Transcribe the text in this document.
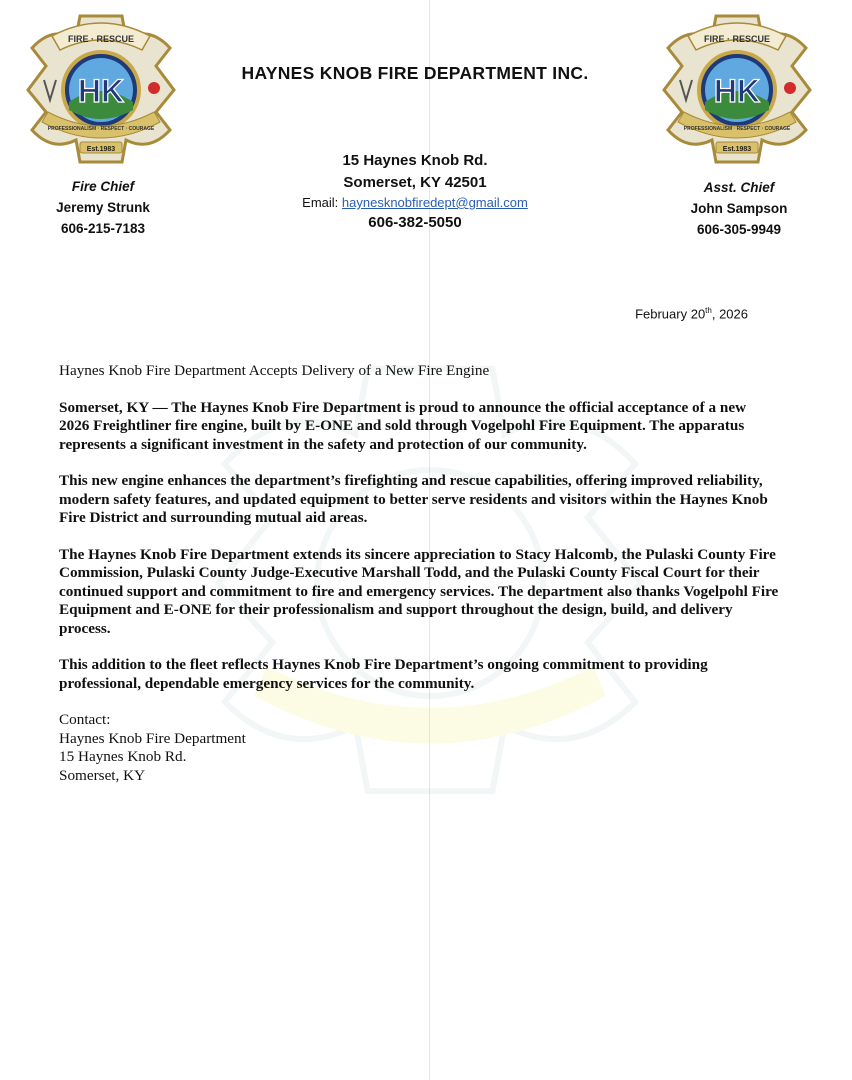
FIRE · RESCUE
HK
PROFESSIONALISM · RESPECT · COURAGE
Est.1983
FIRE · RESCUE
HK
PROFESSIONALISM · RESPECT · COURAGE
Est.1983
HAYNES KNOB FIRE DEPARTMENT INC.
15 Haynes Knob Rd.
Somerset, KY 42501
Email: haynesknobfiredept@gmail.com
606-382-5050
Fire Chief
Jeremy Strunk
606-215-7183
Asst. Chief
John Sampson
606-305-9949
February 20th, 2026

Haynes Knob Fire Department Accepts Delivery of a New Fire Engine

Somerset, KY — The Haynes Knob Fire Department is proud to announce the official acceptance of a new 2026 Freightliner fire engine, built by E-ONE and sold through Vogelpohl Fire Equipment. The apparatus represents a significant investment in the safety and protection of our community.

This new engine enhances the department’s firefighting and rescue capabilities, offering improved reliability, modern safety features, and updated equipment to better serve residents and visitors within the Haynes Knob Fire District and surrounding mutual aid areas.

The Haynes Knob Fire Department extends its sincere appreciation to Stacy Halcomb, the Pulaski County Fire Commission, Pulaski County Judge-Executive Marshall Todd, and the Pulaski County Fiscal Court for their continued support and commitment to fire and emergency services. The department also thanks Vogelpohl Fire Equipment and E-ONE for their professionalism and support throughout the design, build, and delivery process.

This addition to the fleet reflects Haynes Knob Fire Department’s ongoing commitment to providing professional, dependable emergency services for the community.

Contact:
Haynes Knob Fire Department
15 Haynes Knob Rd.
Somerset, KY
